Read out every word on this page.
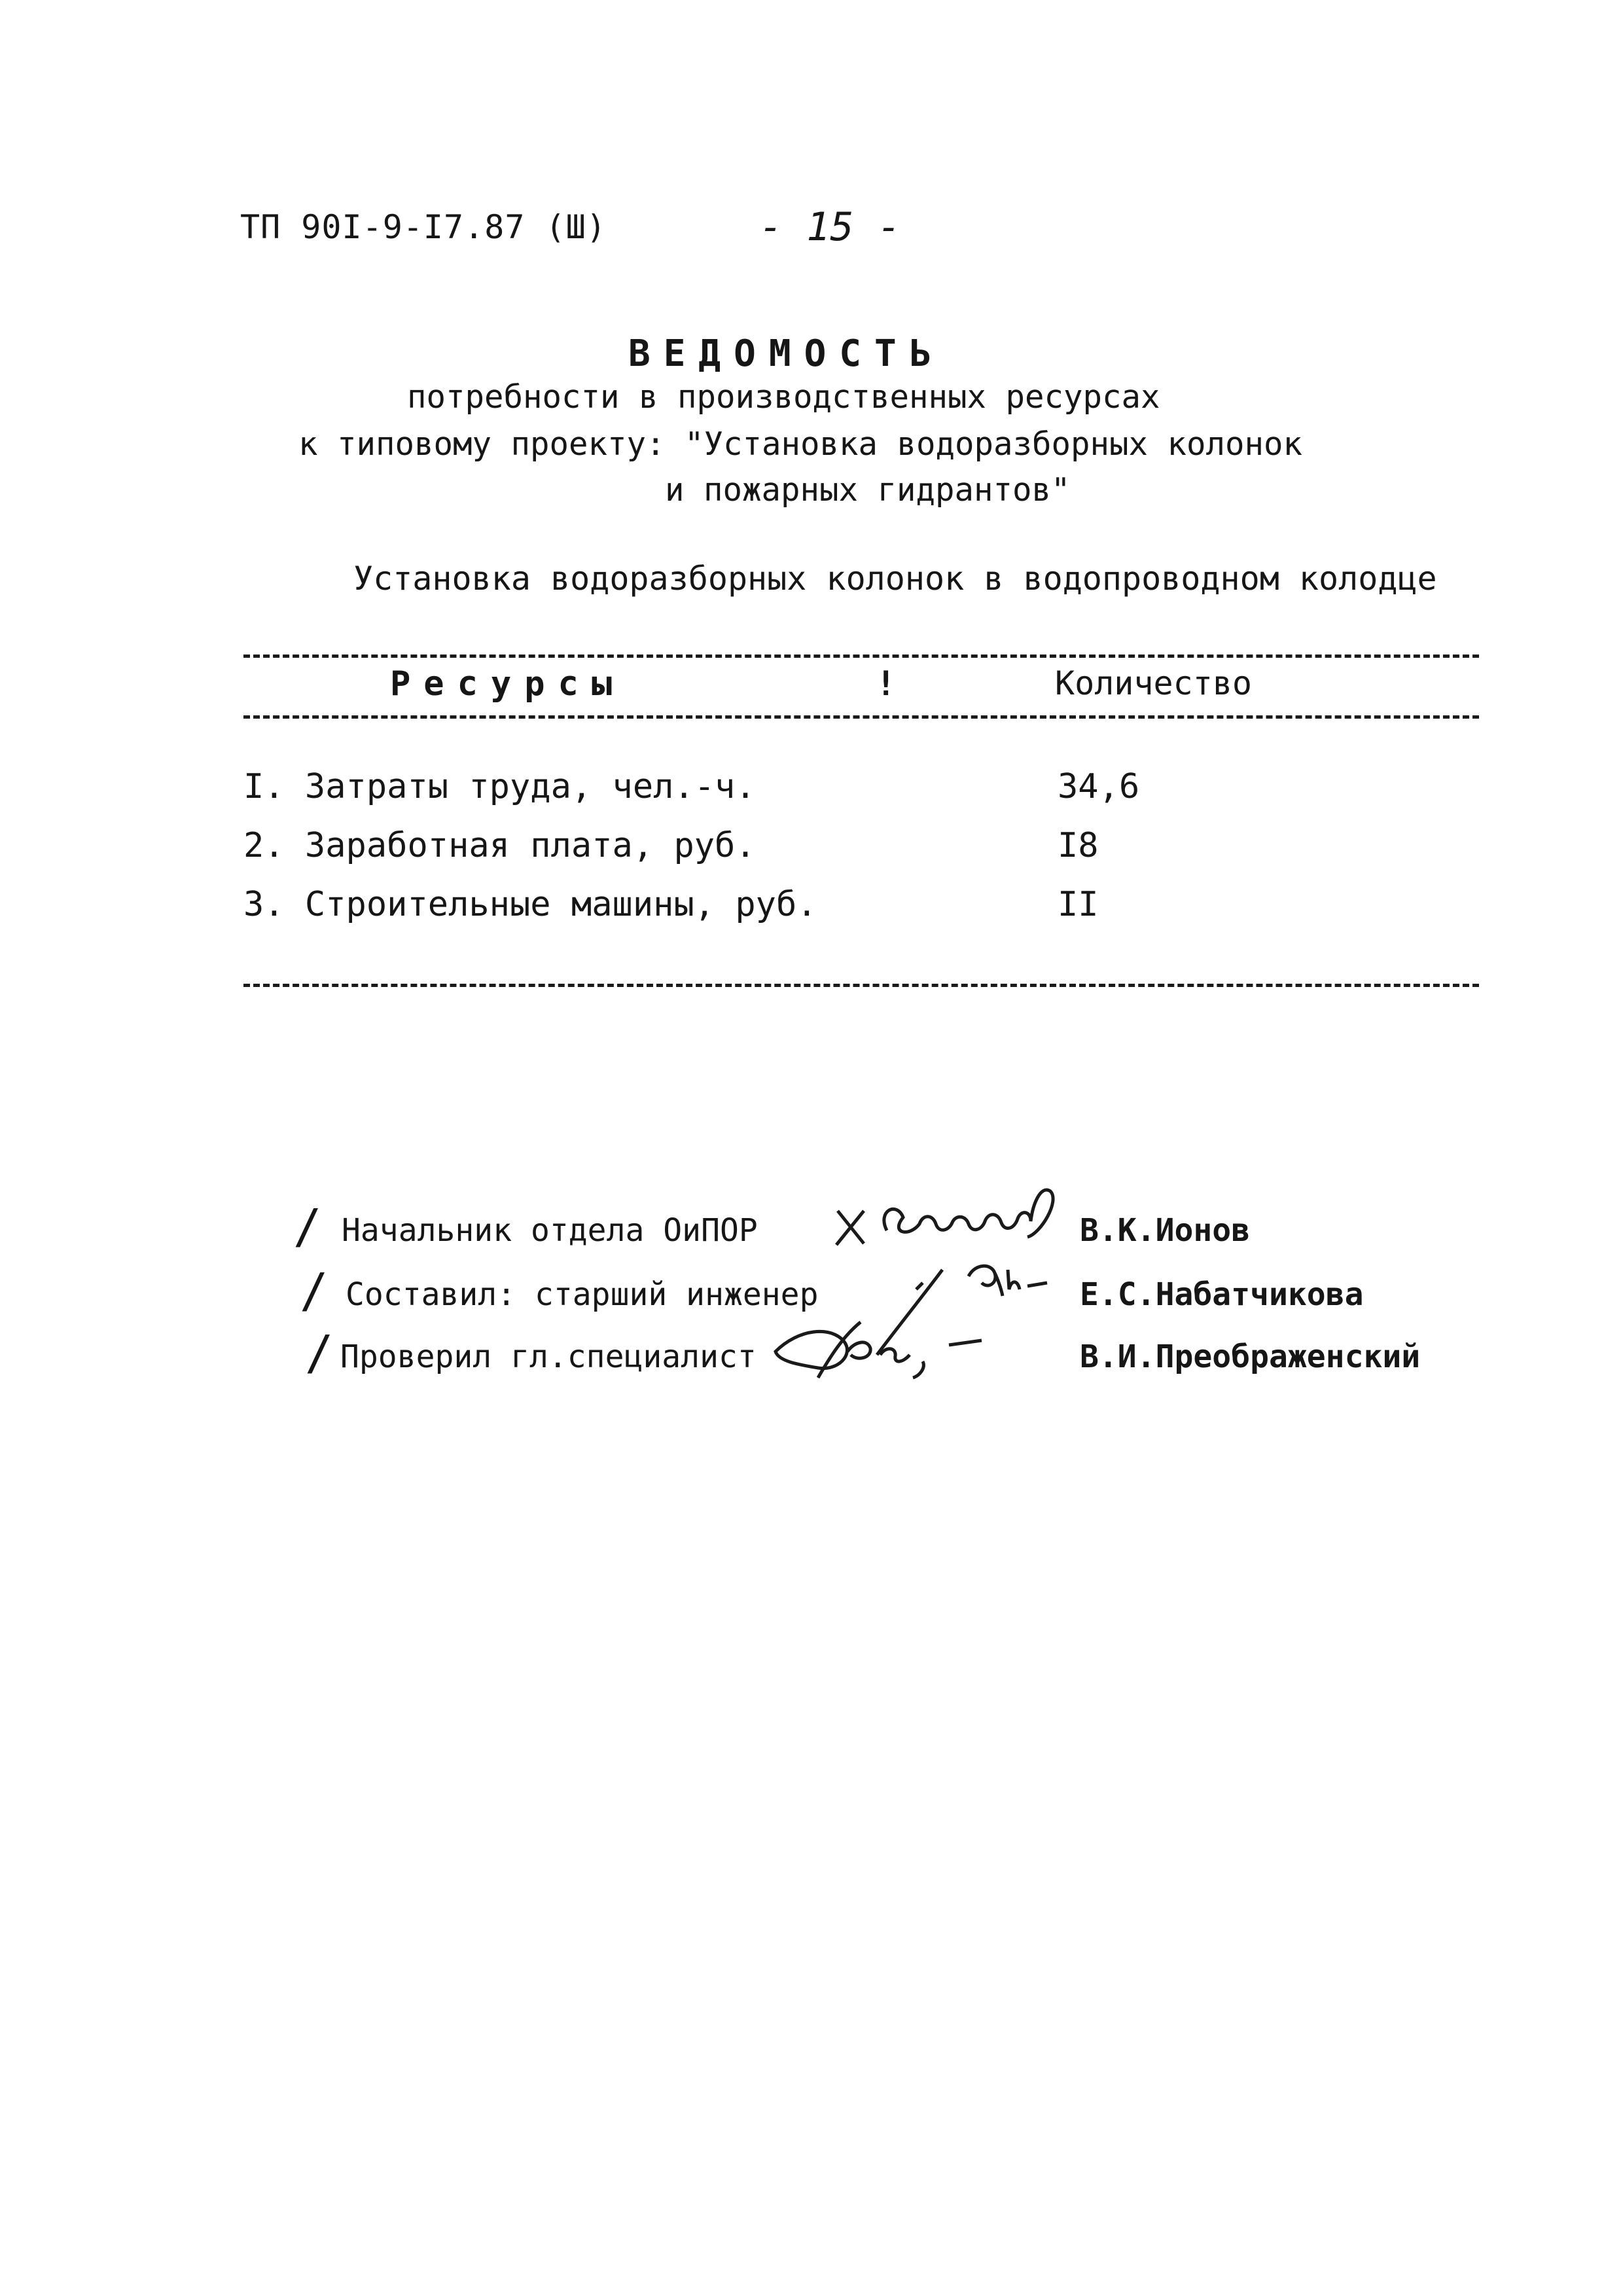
ТП 90I-9-I7.87 (Ш)	- 15 -
ВЕДОМОСТЬ
потребности в производственных ресурсах
к типовому проекту: "Установка водоразборных колонок
и пожарных гидрантов"
Установка водоразборных колонок в водопроводном колодце
Ресурсы	!	Количество
I. Затраты труда, чел.-ч.	34,6
2. Заработная плата, руб.	I8
3. Строительные машины, руб.	II
/ Начальник отдела ОиПОР	В.К.Ионов
/ Составил: старший инженер	Е.С.Набатчикова
/ Проверил гл.специалист	В.И.Преображенский
